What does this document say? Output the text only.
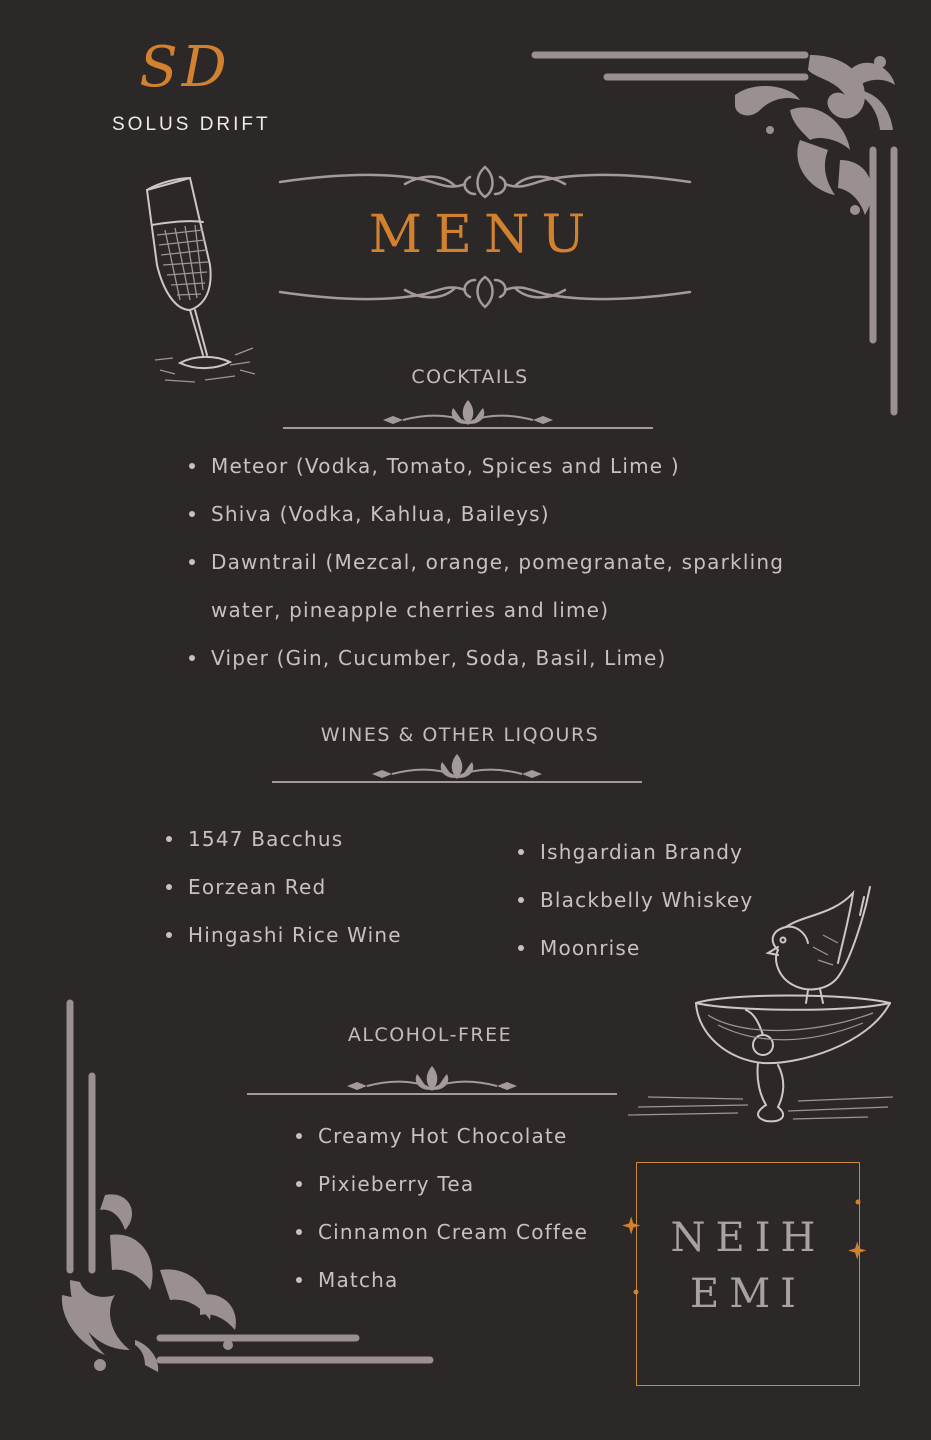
SD
SOLUS DRIFT
MENU
COCKTAILS
Meteor (Vodka, Tomato, Spices and Lime )
Shiva (Vodka, Kahlua, Baileys)
Dawntrail (Mezcal, orange, pomegranate, sparkling
water, pineapple cherries and lime)
Viper (Gin, Cucumber, Soda, Basil, Lime)
WINES & OTHER LIQOURS
1547 Bacchus
Eorzean Red
Hingashi Rice Wine
Ishgardian Brandy
Blackbelly Whiskey
Moonrise
ALCOHOL-FREE
Creamy Hot Chocolate
Pixieberry Tea
Cinnamon Cream Coffee
Matcha
NEIH
EMI
